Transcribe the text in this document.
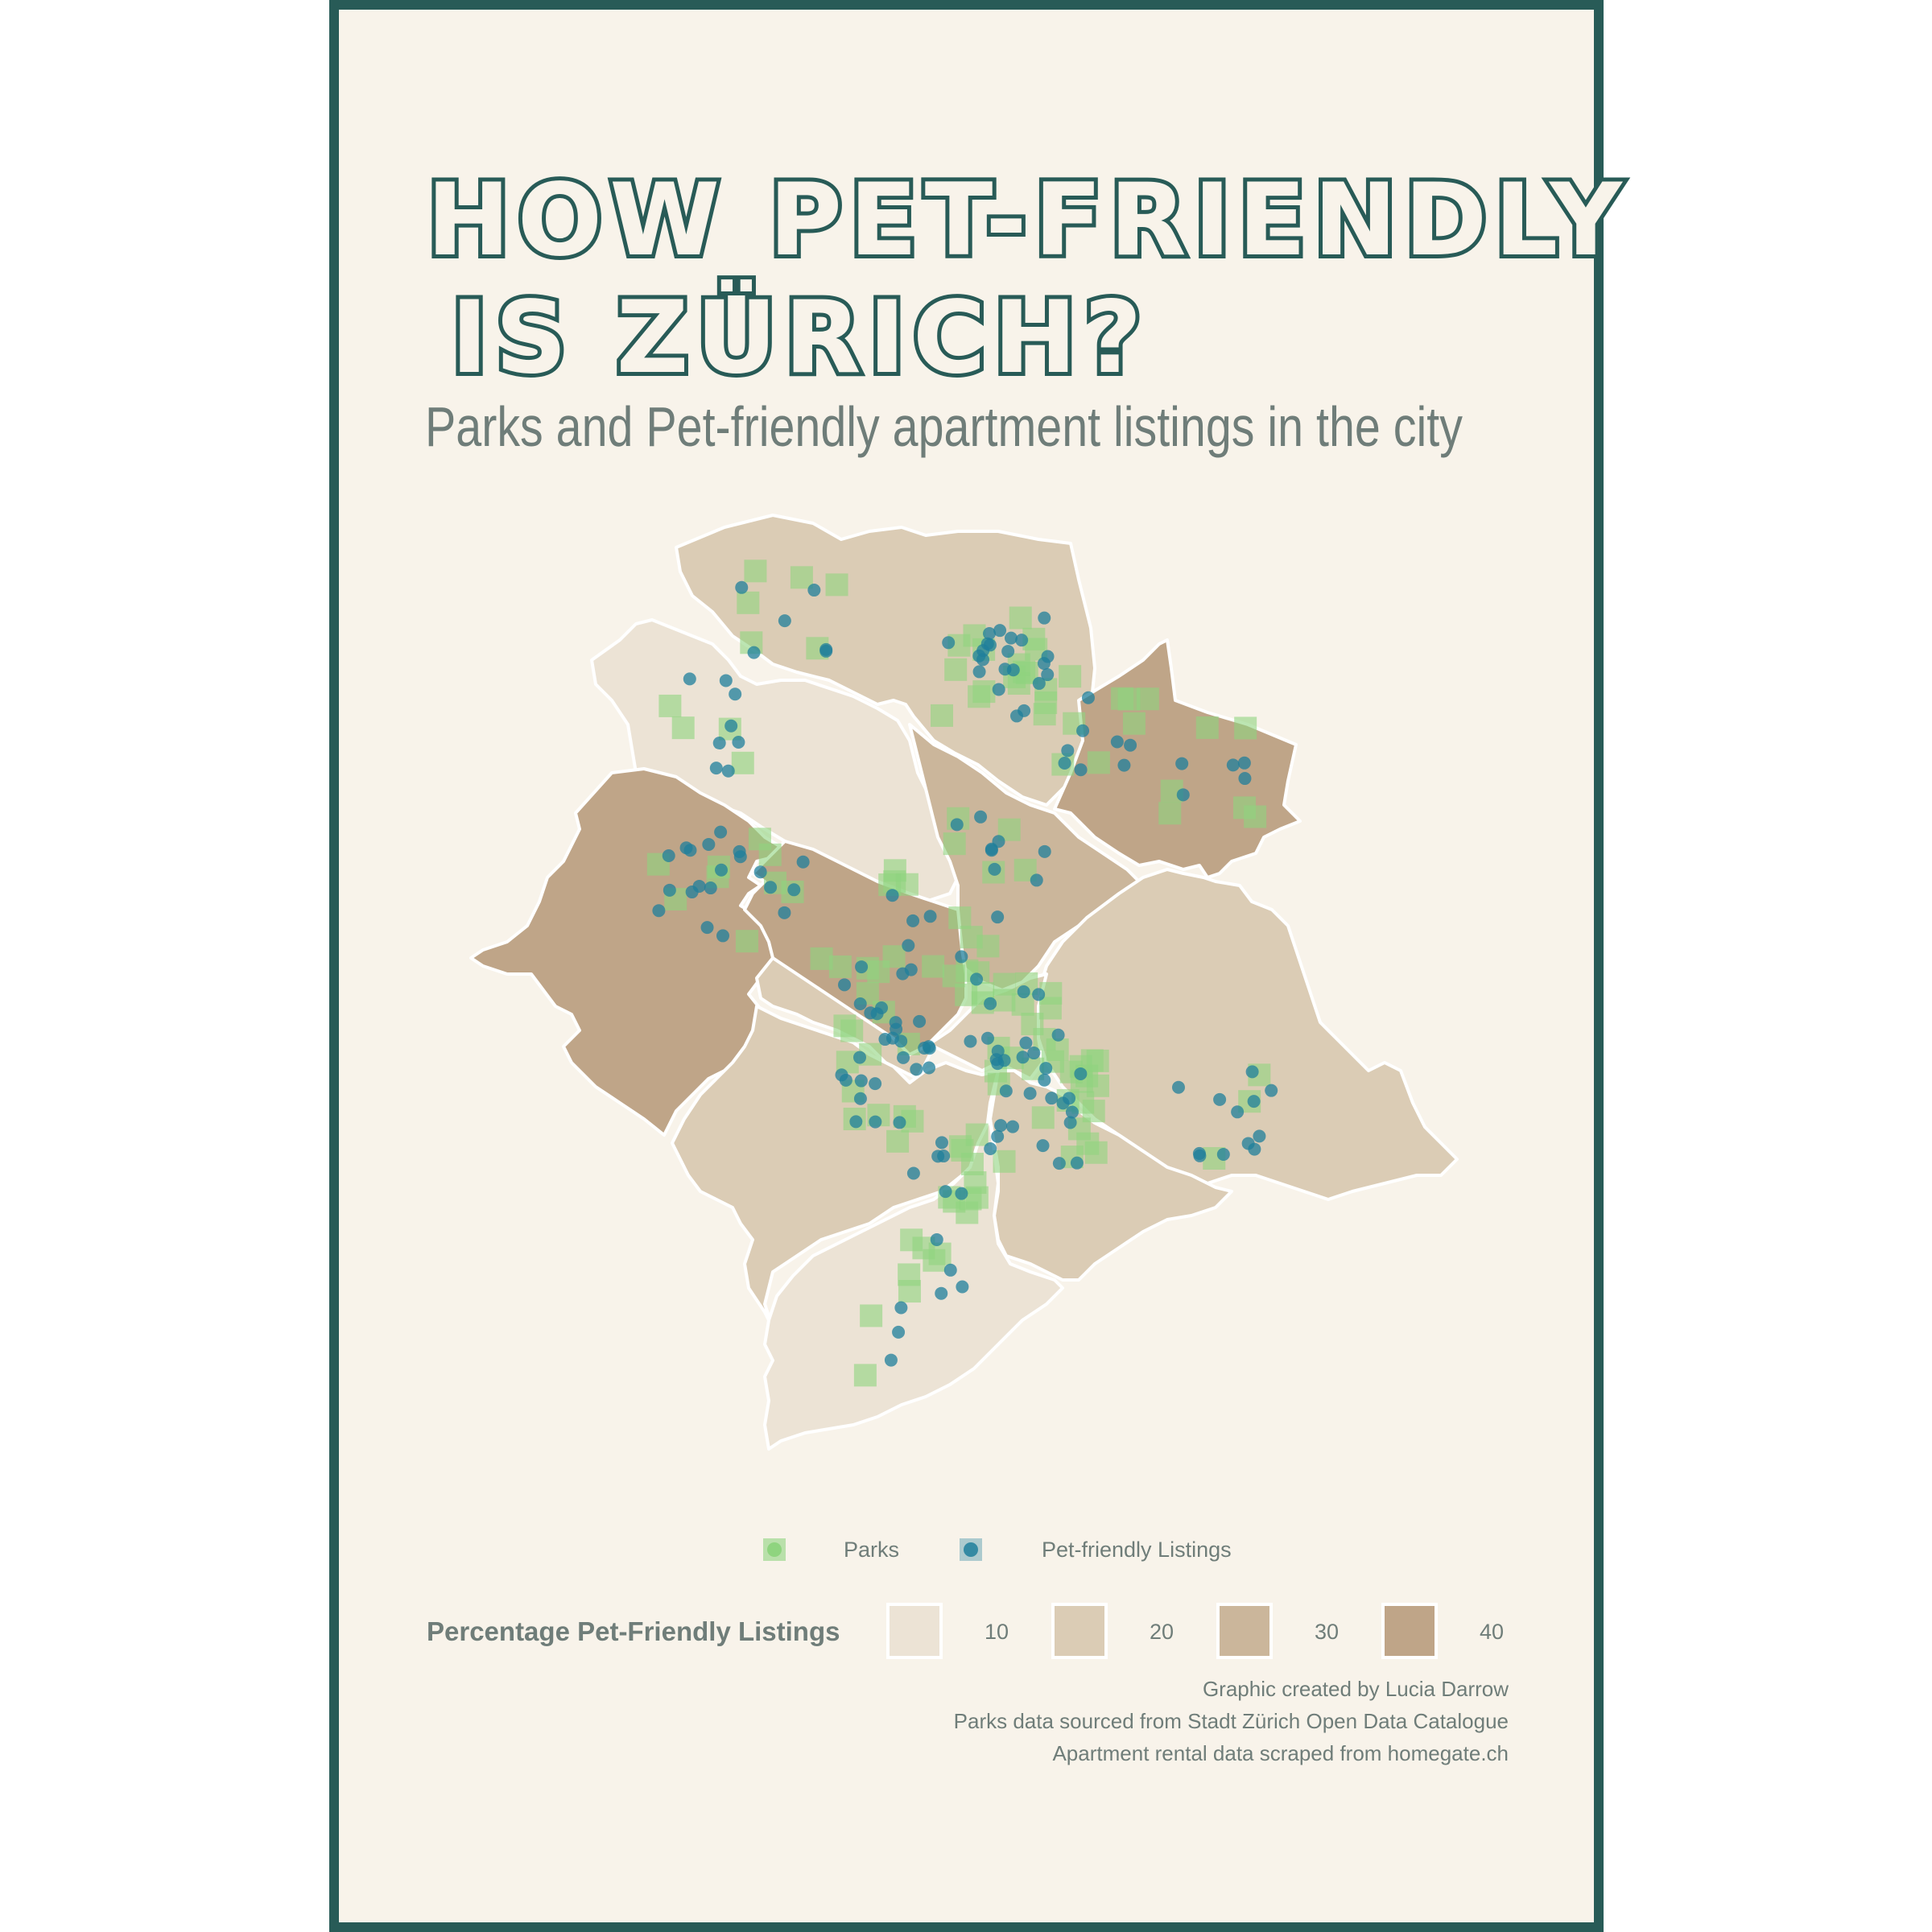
HOW PET-FRIENDLY
IS ZÜRICH?
Parks and Pet-friendly apartment listings in the city
Parks	Pet-friendly Listings
10	20	30	40
Percentage Pet-Friendly Listings
Graphic created by Lucia Darrow
Parks data sourced from Stadt Zürich Open Data Catalogue
Apartment rental data scraped from homegate.ch
